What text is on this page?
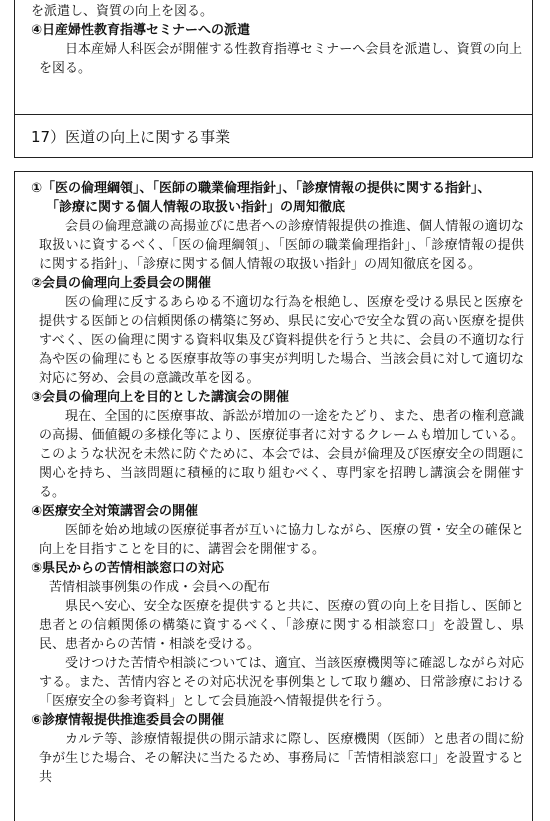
を派遣し、資質の向上を図る。

④日産婦性教育指導セミナーへの派遣

日本産婦人科医会が開催する性教育指導セミナーへ会員を派遣し、資質の向上を図る。

17）医道の向上に関する事業

①「医の倫理綱領」、「医師の職業倫理指針」、「診療情報の提供に関する指針」、

「診療に関する個人情報の取扱い指針」の周知徹底

会員の倫理意識の高揚並びに患者への診療情報提供の推進、個人情報の適切な取扱いに資するべく、「医の倫理綱領」、「医師の職業倫理指針」、「診療情報の提供に関する指針」、「診療に関する個人情報の取扱い指針」の周知徹底を図る。

②会員の倫理向上委員会の開催

医の倫理に反するあらゆる不適切な行為を根絶し、医療を受ける県民と医療を提供する医師との信頼関係の構築に努め、県民に安心で安全な質の高い医療を提供すべく、医の倫理に関する資料収集及び資料提供を行うと共に、会員の不適切な行為や医の倫理にもとる医療事故等の事実が判明した場合、当該会員に対して適切な対応に努め、会員の意識改革を図る。

③会員の倫理向上を目的とした講演会の開催

現在、全国的に医療事故、訴訟が増加の一途をたどり、また、患者の権利意識の高揚、価値観の多様化等により、医療従事者に対するクレームも増加している。このような状況を未然に防ぐために、本会では、会員が倫理及び医療安全の問題に関心を持ち、当該問題に積極的に取り組むべく、専門家を招聘し講演会を開催する。

④医療安全対策講習会の開催

医師を始め地域の医療従事者が互いに協力しながら、医療の質・安全の確保と向上を目指すことを目的に、講習会を開催する。

⑤県民からの苦情相談窓口の対応

苦情相談事例集の作成・会員への配布

県民へ安心、安全な医療を提供すると共に、医療の質の向上を目指し、医師と患者との信頼関係の構築に資するべく、「診療に関する相談窓口」を設置し、県民、患者からの苦情・相談を受ける。

受けつけた苦情や相談については、適宜、当該医療機関等に確認しながら対応する。また、苦情内容とその対応状況を事例集として取り纏め、日常診療における「医療安全の参考資料」として会員施設へ情報提供を行う。

⑥診療情報提供推進委員会の開催

カルテ等、診療情報提供の開示請求に際し、医療機関（医師）と患者の間に紛争が生じた場合、その解決に当たるため、事務局に「苦情相談窓口」を設置すると共
